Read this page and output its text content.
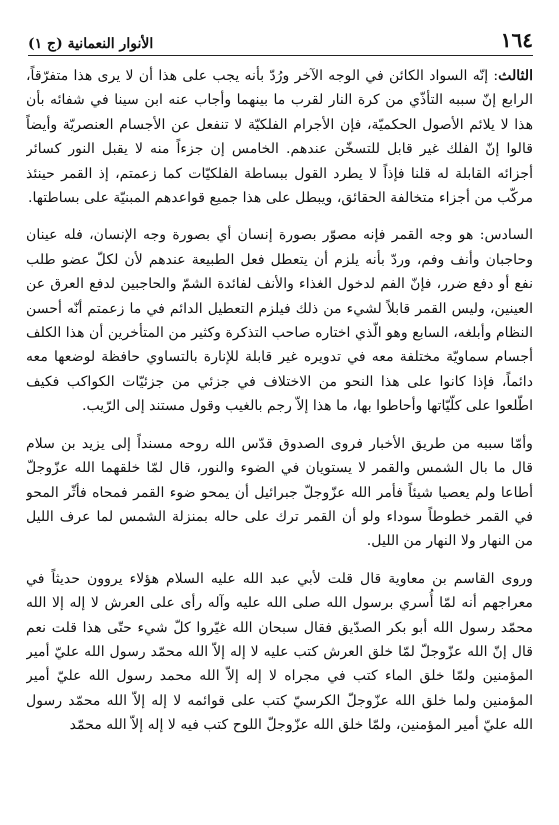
١٦٤
الأنوار النعمانية (ج ١)

الثالث: إنّه السواد الكائن في الوجه الآخر ورُدّ بأنه يجب على هذا أن لا يرى هذا متفرّقاً، الرابع إنّ سببه التأذّي من كرة النار لقرب ما بينهما وأجاب عنه ابن سينا في شفائه بأن هذا لا يلائم الأصول الحكميّة، فإن الأجرام الفلكيّة لا تنفعل عن الأجسام العنصريّة وأيضاً قالوا إنّ الفلك غير قابل للتسخّن عندهم. الخامس إن جزءاً منه لا يقبل النور كسائر أجزائه القابلة له قلنا فإذاً لا يطرد القول ببساطة الفلكيّات كما زعمتم، إذ القمر حينئذ مركّب من أجزاء متخالفة الحقائق، ويبطل على هذا جميع قواعدهم المبنيّة على بساطتها.

السادس: هو وجه القمر فإنه مصوّر بصورة إنسان أي بصورة وجه الإنسان، فله عينان وحاجبان وأنف وفم، وردّ بأنه يلزم أن يتعطل فعل الطبيعة عندهم لأن لكلّ عضو طلب نفع أو دفع ضرر، فإنّ الفم لدخول الغذاء والأنف لفائدة الشمّ والحاجبين لدفع العرق عن العينين، وليس القمر قابلاً لشيء من ذلك فيلزم التعطيل الدائم في ما زعمتم أنّه أحسن النظام وأبلغه، السابع وهو الّذي اختاره صاحب التذكرة وكثير من المتأخرين أن هذا الكلف أجسام سماويّة مختلفة معه في تدويره غير قابلة للإنارة بالتساوي حافظة لوضعها معه دائماً، فإذا كانوا على هذا النحو من الاختلاف في جزئي من جزئيّات الكواكب فكيف اطّلعوا على كلّيّاتها وأحاطوا بها، ما هذا إلاّ رجم بالغيب وقول مستند إلى الرّيب.

وأمّا سببه من طريق الأخبار فروى الصدوق قدّس الله روحه مسنداً إلى يزيد بن سلام قال ما بال الشمس والقمر لا يستويان في الضوء والنور، قال لمّا خلقهما الله عزّوجلّ أطاعا ولم يعصيا شيئاً فأمر الله عزّوجلّ جبرائيل أن يمحو ضوء القمر فمحاه فأثّر المحو في القمر خطوطاً سوداء ولو أن القمر ترك على حاله بمنزلة الشمس لما عرف الليل من النهار ولا النهار من الليل.

وروى القاسم بن معاوية قال قلت لأبي عبد الله عليه السلام هؤلاء يروون حديثاً في معراجهم أنه لمّا أُسري برسول الله صلى الله عليه وآله رأى على العرش لا إله إلا الله محمّد رسول الله أبو بكر الصدّيق فقال سبحان الله غيّروا كلّ شيء حتّى هذا قلت نعم قال إنّ الله عزّوجلّ لمّا خلق العرش كتب عليه لا إله إلاّ الله محمّد رسول الله عليّ أمير المؤمنين ولمّا خلق الماء كتب في مجراه لا إله إلاّ الله محمد رسول الله عليّ أمير المؤمنين ولما خلق الله عزّوجلّ الكرسيّ كتب على قوائمه لا إله إلاّ الله محمّد رسول الله عليّ أمير المؤمنين، ولمّا خلق الله عزّوجلّ اللوح كتب فيه لا إله إلاّ الله محمّد
